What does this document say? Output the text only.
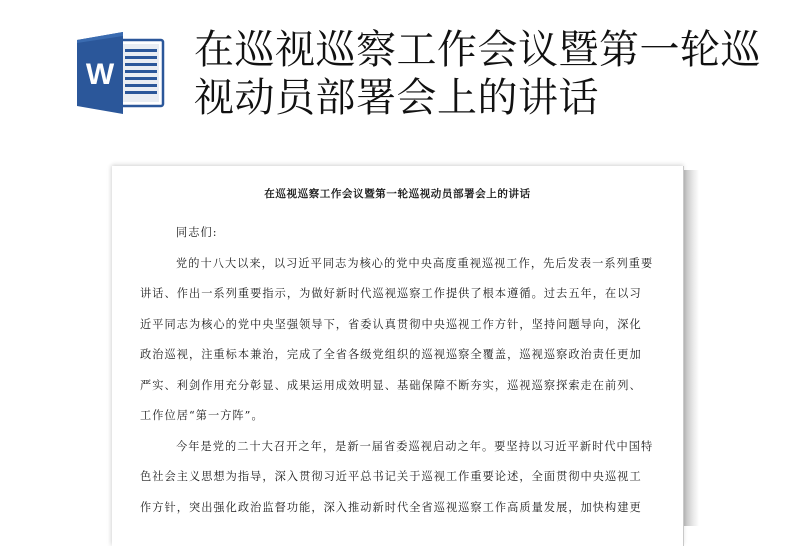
W
在巡视巡察工作会议暨第一轮巡
视动员部署会上的讲话
在巡视巡察工作会议暨第一轮巡视动员部署会上的讲话
同志们:
党的十八大以来，以习近平同志为核心的党中央高度重视巡视工作，先后发表一系列重要
讲话、作出一系列重要指示，为做好新时代巡视巡察工作提供了根本遵循。过去五年，在以习
近平同志为核心的党中央坚强领导下，省委认真贯彻中央巡视工作方针，坚持问题导向，深化
政治巡视，注重标本兼治，完成了全省各级党组织的巡视巡察全覆盖，巡视巡察政治责任更加
严实、利剑作用充分彰显、成果运用成效明显、基础保障不断夯实，巡视巡察探索走在前列、
工作位居“第一方阵”。
今年是党的二十大召开之年，是新一届省委巡视启动之年。要坚持以习近平新时代中国特
色社会主义思想为指导，深入贯彻习近平总书记关于巡视工作重要论述，全面贯彻中央巡视工
作方针，突出强化政治监督功能，深入推动新时代全省巡视巡察工作高质量发展，加快构建更
